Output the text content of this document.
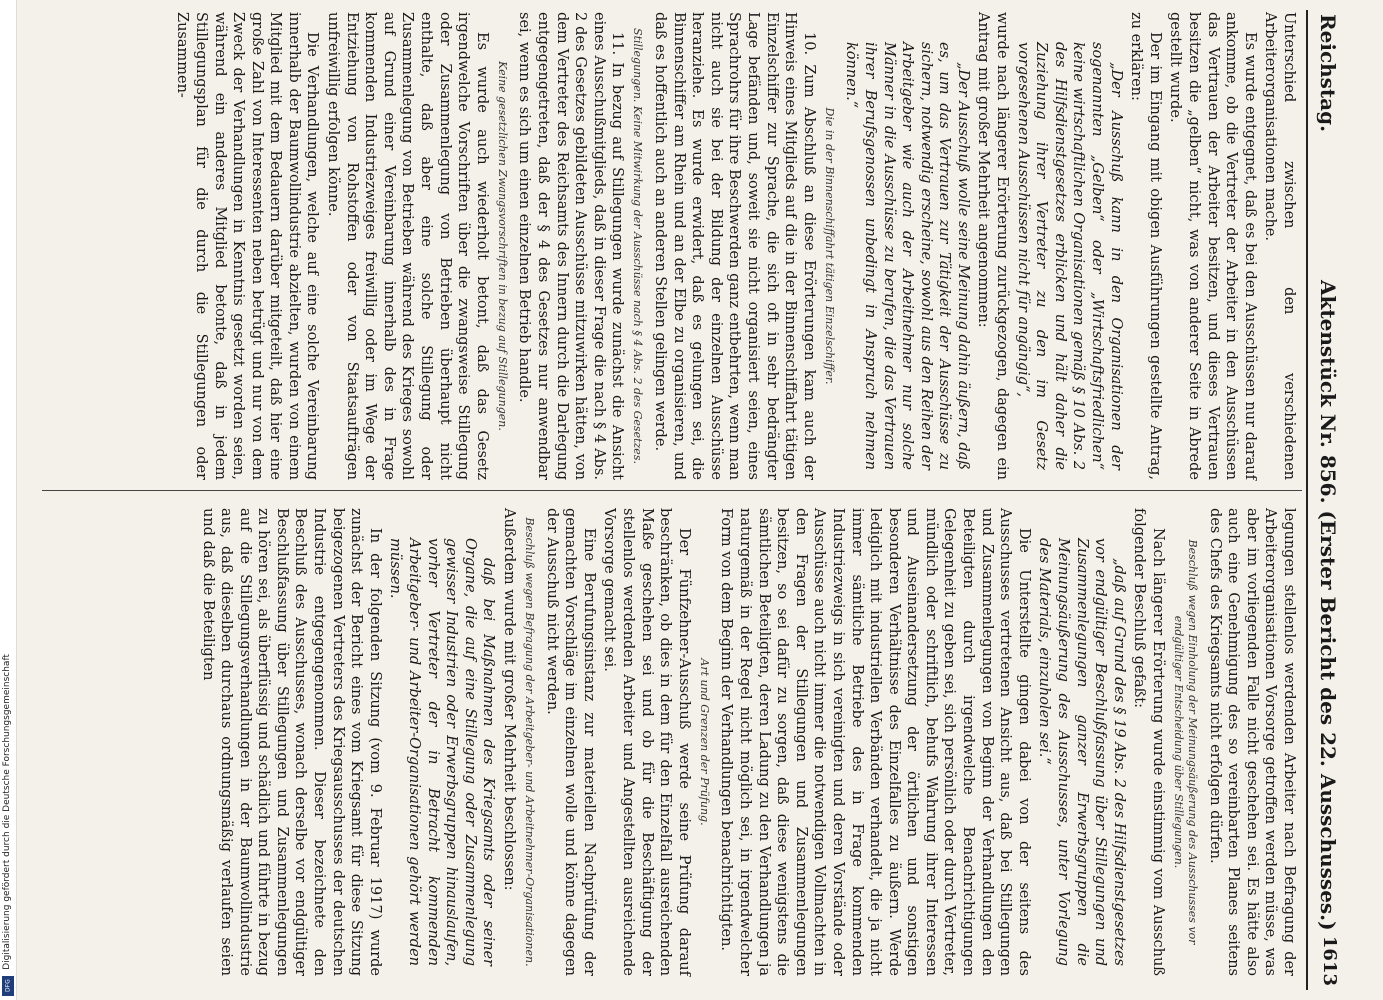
Digitalisierung gefördert durch die Deutsche Forschungsgemeinschaft
DFG
Reichstag.
Aktenstück Nr. 856. (Erster Bericht des 22. Ausschusses.)
1613

Unterschied zwischen den verschiedenen Arbeiterorganisationen mache.

Es wurde entgegnet, daß es bei den Ausschüssen nur darauf ankomme, ob die Vertreter der Arbeiter in den Ausschüssen das Vertrauen der Arbeiter besitzen, und dieses Vertrauen besitzen die „gelben“ nicht, was von anderer Seite in Abrede gestellt wurde.

Der im Eingang mit obigen Ausführungen gestellte Antrag, zu erklären:

„Der Ausschuß kann in den Organisationen der sogenannten „Gelben“ oder „Wirtschaftsfriedlichen“ keine wirtschaftlichen Organisationen gemäß § 10 Abs. 2 des Hilfsdienstgesetzes erblicken und hält daher die Zuziehung ihrer Vertreter zu den im Gesetz vorgesehenen Ausschüssen nicht für angängig“,

wurde nach längerer Erörterung zurückgezogen, dagegen ein Antrag mit großer Mehrheit angenommen:

„Der Ausschuß wolle seine Meinung dahin äußern, daß es, um das Vertrauen zur Tätigkeit der Ausschüsse zu sichern, notwendig erscheine, sowohl aus den Reihen der Arbeitgeber wie auch der Arbeitnehmer nur solche Männer in die Ausschüsse zu berufen, die das Vertrauen ihrer Berufsgenossen unbedingt in Anspruch nehmen können.“

Die in der Binnenschiffahrt tätigen Einzelschiffer.

10. Zum Abschluß an diese Erörterungen kam auch der Hinweis eines Mitglieds auf die in der Binnenschiffahrt tätigen Einzelschiffer zur Sprache, die sich oft in sehr bedrängter Lage befänden und, soweit sie nicht organisiert seien, eines Sprachrohrs für ihre Beschwerden ganz entbehrten, wenn man nicht auch sie bei der Bildung der einzelnen Ausschüsse heranziehe. Es wurde erwidert, daß es gelungen sei, die Binnenschiffer am Rhein und an der Elbe zu organisieren, und daß es hoffentlich auch an anderen Stellen gelingen werde.

Stillegungen. Keine Mitwirkung der Ausschüsse nach § 4 Abs. 2 des Gesetzes.

11. In bezug auf Stillegungen wurde zunächst die Ansicht eines Ausschußmitglieds, daß in dieser Frage die nach § 4 Abs. 2 des Gesetzes gebildeten Ausschüsse mitzuwirken hätten, von dem Vertreter des Reichsamts des Innern durch die Darlegung entgegengetreten, daß der § 4 des Gesetzes nur anwendbar sei, wenn es sich um einen einzelnen Betrieb handle.

Keine gesetzlichen Zwangsvorschriften in bezug auf Stillegungen.

Es wurde auch wiederholt betont, daß das Gesetz irgendwelche Vorschriften über die zwangsweise Stillegung oder Zusammenlegung von Betrieben überhaupt nicht enthalte, daß aber eine solche Stillegung oder Zusammenlegung von Betrieben während des Krieges sowohl auf Grund einer Vereinbarung innerhalb des in Frage kommenden Industriezweiges freiwillig oder im Wege der Entziehung von Rohstoffen oder von Staatsaufträgen unfreiwillig erfolgen könne.

Die Verhandlungen, welche auf eine solche Vereinbarung innerhalb der Baumwollindustrie abzielten, wurden von einem Mitglied mit dem Bedauern darüber mitgeteilt, daß hier eine große Zahl von Interessenten neben betrügt und nur von dem Zweck der Verhandlungen in Kenntnis gesetzt worden seien, während ein anderes Mitglied betonte, daß in jedem Stillegungsplan für die durch die Stillegungen oder Zusammen-

legungen stellenlos werdenden Arbeiter nach Befragung der Arbeiterorganisationen Vorsorge getroffen werden müsse, was aber im vorliegenden Falle nicht geschehen sei. Es hätte also auch eine Genehmigung des so vereinbarten Planes seitens des Chefs des Kriegsamts nicht erfolgen dürfen.

Beschluß wegen Einholung der Meinungsäußerung des Ausschusses vor endgültiger Entscheidung über Stillegungen.

Nach längerer Erörterung wurde einstimmig vom Ausschuß folgender Beschluß gefaßt:

„daß auf Grund des § 19 Abs. 2 des Hilfsdienstgesetzes vor endgültiger Beschlußfassung über Stillegungen und Zusammenlegungen ganzer Erwerbsgruppen die Meinungsäußerung des Ausschusses, unter Vorlegung des Materials, einzuholen sei.“

Die Unterstellte gingen dabei von der seitens des Ausschusses vertretenen Ansicht aus, daß bei Stillegungen und Zusammenlegungen von Beginn der Verhandlungen den Beteiligten durch irgendwelche Benachrichtigungen Gelegenheit zu geben sei, sich persönlich oder durch Vertreter, mündlich oder schriftlich, behufs Wahrung ihrer Interessen und Auseinandersetzung der örtlichen und sonstigen besonderen Verhältnisse des Einzelfalles zu äußern. Werde lediglich mit industriellen Verbänden verhandelt, die ja nicht immer sämtliche Betriebe des in Frage kommenden Industriezweigs in sich vereinigten und deren Vorstände oder Ausschüsse auch nicht immer die notwendigen Vollmachten in den Fragen der Stillegungen und Zusammenlegungen besitzen, so sei dafür zu sorgen, daß diese wenigstens die sämtlichen Beteiligten, deren Ladung zu den Verhandlungen ja naturgemäß in der Regel nicht möglich sei, in irgendwelcher Form von dem Beginn der Verhandlungen benachrichtigten.

Art und Grenzen der Prüfung.

Der Fünfzehner-Ausschuß werde seine Prüfung darauf beschränken, ob dies in dem für den Einzelfall ausreichenden Maße geschehen sei und ob für die Beschäftigung der stellenlos werdenden Arbeiter und Angestellten ausreichende Vorsorge gemacht sei.

Eine Berufungsinstanz zur materiellen Nachprüfung der gemachten Vorschläge im einzelnen wolle und könne dagegen der Ausschuß nicht werden.

Beschluß wegen Befragung der Arbeitgeber- und Arbeitnehmer-Organisationen.

Außerdem wurde mit großer Mehrheit beschlossen:

daß bei Maßnahmen des Kriegsamts oder seiner Organe, die auf eine Stillegung oder Zusammenlegung gewisser Industrien oder Erwerbsgruppen hinauslaufen, vorher Vertreter der in Betracht kommenden Arbeitgeber- und Arbeiter-Organisationen gehört werden müssen.

In der folgenden Sitzung (vom 9. Februar 1917) wurde zunächst der Bericht eines vom Kriegsamt für diese Sitzung beigezogenen Vertreters des Kriegsausschusses der deutschen Industrie entgegengenommen. Dieser bezeichnete den Beschluß des Ausschusses, wonach derselbe vor endgültiger Beschlußfassung über Stillegungen und Zusammenlegungen zu hören sei, als überflüssig und schädlich und führte in bezug auf die Stillegungsverhandlungen in der Baumwollindustrie aus, daß dieselben durchaus ordnungsmäßig verlaufen seien und daß die Beteiligten
